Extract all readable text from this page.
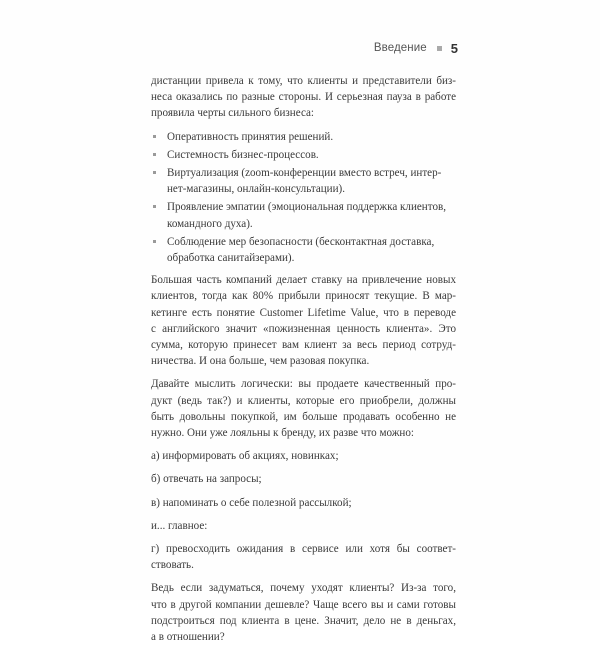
Введение 5

дистанции привела к тому, что клиенты и представители биз-
неса оказались по разные стороны. И серьезная пауза в работе
проявила черты сильного бизнеса:

Оперативность принятия решений.
Системность бизнес-процессов.
Виртуализация (zoom-конференции вместо встреч, интер-
нет-магазины, онлайн-консультации).
Проявление эмпатии (эмоциональная поддержка клиентов,
командного духа).
Соблюдение мер безопасности (бесконтактная доставка,
обработка санитайзерами).

Большая часть компаний делает ставку на привлечение новых
клиентов, тогда как 80% прибыли приносят текущие. В мар-
кетинге есть понятие Customer Lifetime Value, что в переводе
с английского значит «пожизненная ценность клиента». Это
сумма, которую принесет вам клиент за весь период сотруд-
ничества. И она больше, чем разовая покупка.

Давайте мыслить логически: вы продаете качественный про-
дукт (ведь так?) и клиенты, которые его приобрели, должны
быть довольны покупкой, им больше продавать особенно не
нужно. Они уже лояльны к бренду, их разве что можно:

а) информировать об акциях, новинках;
б) отвечать на запросы;
в) напоминать о себе полезной рассылкой;
и... главное:
г) превосходить ожидания в сервисе или хотя бы соответ-
ствовать.

Ведь если задуматься, почему уходят клиенты? Из-за того,
что в другой компании дешевле? Чаще всего вы и сами готовы
подстроиться под клиента в цене. Значит, дело не в деньгах,
а в отношении?
